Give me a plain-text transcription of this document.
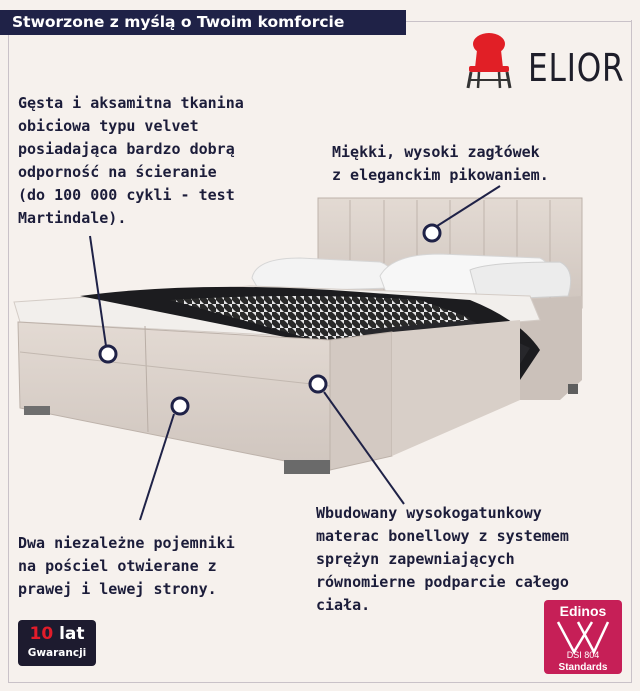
Stworzone z myślą o Twoim komforcie
ELIOR
Gęsta i aksamitna tkanina
obiciowa typu velvet
posiadająca bardzo dobrą
odporność na ścieranie
(do 100 000 cykli - test
Martindale).
Miękki, wysoki zagłówek
z eleganckim pikowaniem.
Dwa niezależne pojemniki
na pościel otwierane z
prawej i lewej strony.
Wbudowany wysokogatunkowy
materac bonellowy z systemem
sprężyn zapewniających
równomierne podparcie całego
ciała.
10 lat
Gwarancji
Edinos
DSI 804
Standards
